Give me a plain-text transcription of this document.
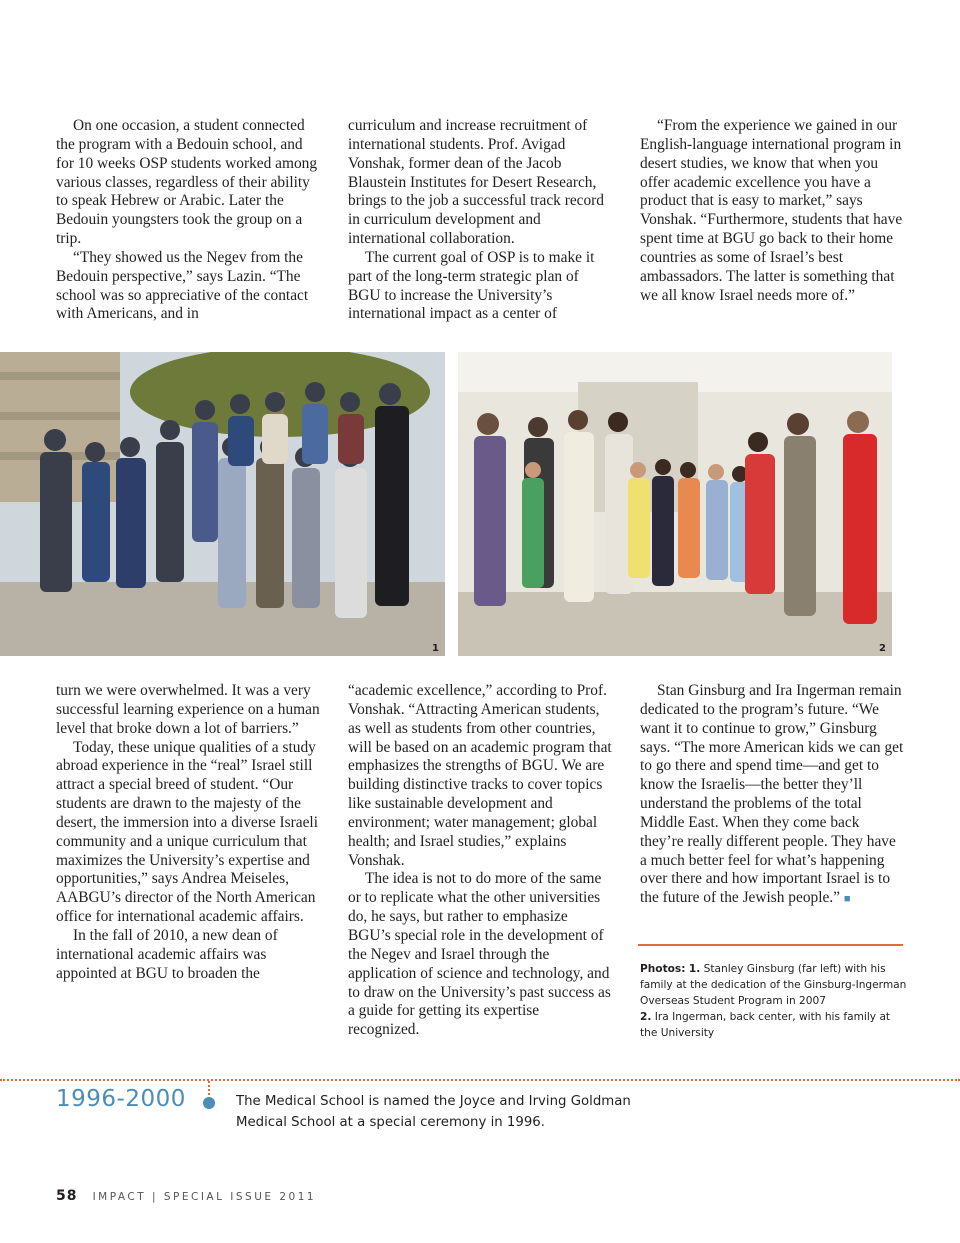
On one occasion, a student connected the program with a Bedouin school, and for 10 weeks OSP students worked among various classes, regardless of their ability to speak Hebrew or Arabic. Later the Bedouin youngsters took the group on a trip.

“They showed us the Negev from the Bedouin perspective,” says Lazin. “The school was so appreciative of the contact with Americans, and in

curriculum and increase recruitment of international students. Prof. Avigad Vonshak, former dean of the Jacob Blaustein Institutes for Desert Research, brings to the job a successful track record in curriculum development and international collaboration.

The current goal of OSP is to make it part of the long-term strategic plan of BGU to increase the University’s international impact as a center of

“From the experience we gained in our English-language international program in desert studies, we know that when you offer academic excellence you have a product that is easy to market,” says Vonshak. “Furthermore, students that have spent time at BGU go back to their home countries as some of Israel’s best ambassadors. The latter is something that we all know Israel needs more of.”

1	2

turn we were overwhelmed. It was a very successful learning experience on a human level that broke down a lot of barriers.”

Today, these unique qualities of a study abroad experience in the “real” Israel still attract a special breed of student. “Our students are drawn to the majesty of the desert, the immersion into a diverse Israeli community and a unique curriculum that maximizes the University’s expertise and opportunities,” says Andrea Meiseles, AABGU’s director of the North American office for international academic affairs.

In the fall of 2010, a new dean of international academic affairs was appointed at BGU to broaden the

“academic excellence,” according to Prof. Vonshak. “Attracting American students, as well as students from other countries, will be based on an academic program that emphasizes the strengths of BGU. We are building distinctive tracks to cover topics like sustainable development and environment; water management; global health; and Israel studies,” explains Vonshak.

The idea is not to do more of the same or to replicate what the other universities do, he says, but rather to emphasize BGU’s special role in the development of the Negev and Israel through the application of science and technology, and to draw on the University’s past success as a guide for getting its expertise recognized.

Stan Ginsburg and Ira Ingerman remain dedicated to the program’s future. “We want it to continue to grow,” Ginsburg says. “The more American kids we can get to go there and spend time—and get to know the Israelis—the better they’ll understand the problems of the total Middle East. When they come back they’re really different people. They have a much better feel for what’s happening over there and how important Israel is to the future of the Jewish people.” ■

Photos: 1. Stanley Ginsburg (far left) with his family at the dedication of the Ginsburg-Ingerman Overseas Student Program in 2007
2. Ira Ingerman, back center, with his family at the University
1996-2000	The Medical School is named the Joyce and Irving Goldman Medical School at a special ceremony in 1996.
58 IMPACT | SPECIAL ISSUE 2011
